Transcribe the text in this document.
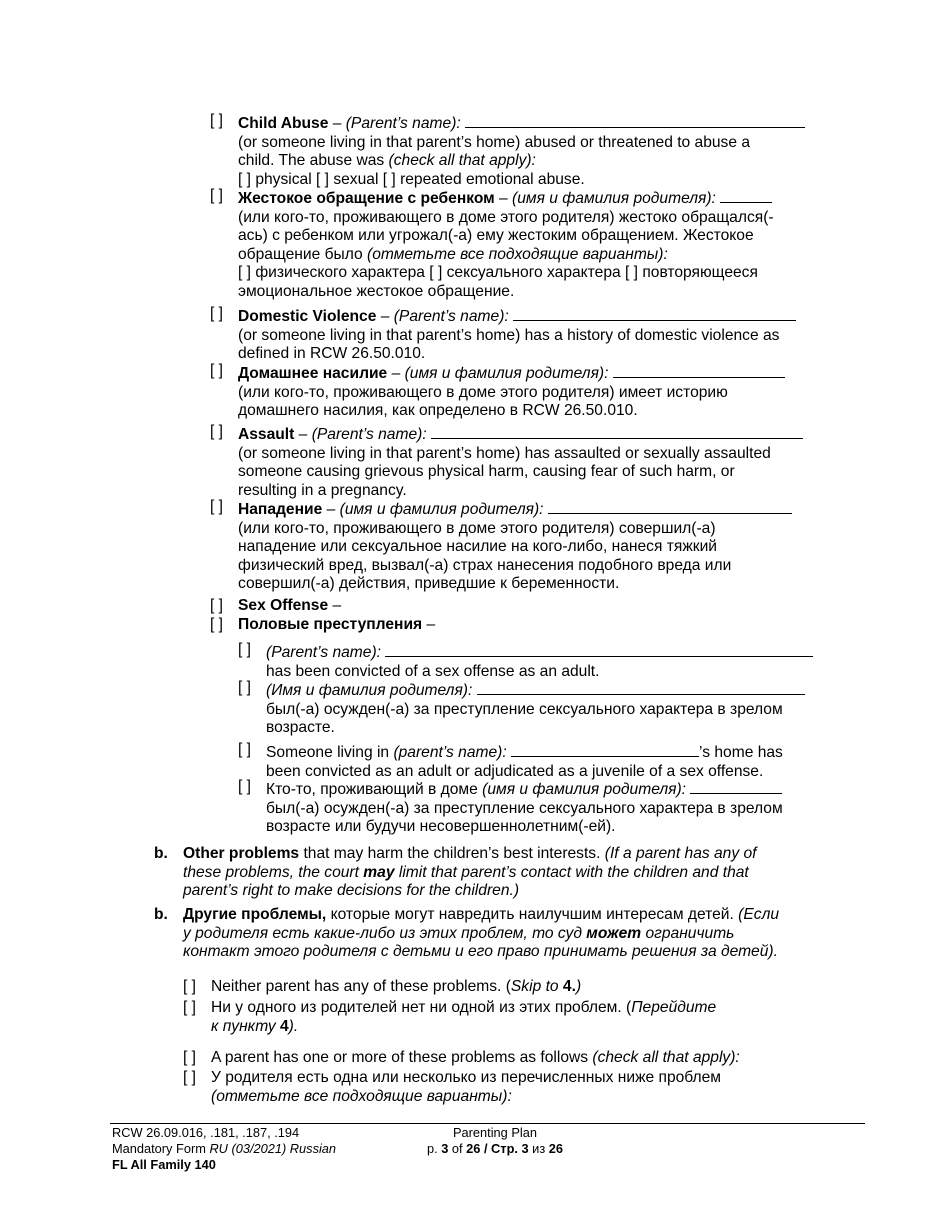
[ ] Child Abuse – (Parent’s name):
(or someone living in that parent’s home) abused or threatened to abuse a
child. The abuse was (check all that apply):
[ ] physical [ ] sexual [ ] repeated emotional abuse.
[ ] Жестокое обращение с ребенком – (имя и фамилия родителя):
(или кого-то, проживающего в доме этого родителя) жестоко обращался(-
ась) с ребенком или угрожал(-а) ему жестоким обращением. Жестокое
обращение было (отметьте все подходящие варианты):
[ ] физического характера [ ] сексуального характера [ ] повторяющееся
эмоциональное жестокое обращение.
[ ] Domestic Violence – (Parent’s name):
(or someone living in that parent’s home) has a history of domestic violence as
defined in RCW 26.50.010.
[ ] Домашнее насилие – (имя и фамилия родителя):
(или кого-то, проживающего в доме этого родителя) имеет историю
домашнего насилия, как определено в RCW 26.50.010.
[ ] Assault – (Parent’s name):
(or someone living in that parent’s home) has assaulted or sexually assaulted
someone causing grievous physical harm, causing fear of such harm, or
resulting in a pregnancy.
[ ] Нападение – (имя и фамилия родителя):
(или кого-то, проживающего в доме этого родителя) совершил(-а)
нападение или сексуальное насилие на кого-либо, нанеся тяжкий
физический вред, вызвал(-а) страх нанесения подобного вреда или
совершил(-а) действия, приведшие к беременности.
[ ] Sex Offense –
[ ] Половые преступления –
[ ] (Parent’s name):
has been convicted of a sex offense as an adult.
[ ] (Имя и фамилия родителя):
был(-а) осужден(-а) за преступление сексуального характера в зрелом
возрасте.
[ ] Someone living in (parent’s name):	’s home has
been convicted as an adult or adjudicated as a juvenile of a sex offense.
[ ] Кто-то, проживающий в доме (имя и фамилия родителя):
был(-а) осужден(-а) за преступление сексуального характера в зрелом
возрасте или будучи несовершеннолетним(-ей).
b. Other problems that may harm the children’s best interests. (If a parent has any of
these problems, the court may limit that parent’s contact with the children and that
parent’s right to make decisions for the children.)
b. Другие проблемы, которые могут навредить наилучшим интересам детей. (Если
у родителя есть какие-либо из этих проблем, то суд может ограничить
контакт этого родителя с детьми и его право принимать решения за детей).
[ ] Neither parent has any of these problems. (Skip to 4.)
[ ] Ни у одного из родителей нет ни одной из этих проблем. (Перейдите
к пункту 4).
[ ] A parent has one or more of these problems as follows (check all that apply):
[ ] У родителя есть одна или несколько из перечисленных ниже проблем
(отметьте все подходящие варианты):
RCW 26.09.016, .181, .187, .194
Mandatory Form RU (03/2021) Russian
FL All Family 140
Parenting Plan
p. 3 of 26 / Стр. 3 из 26
